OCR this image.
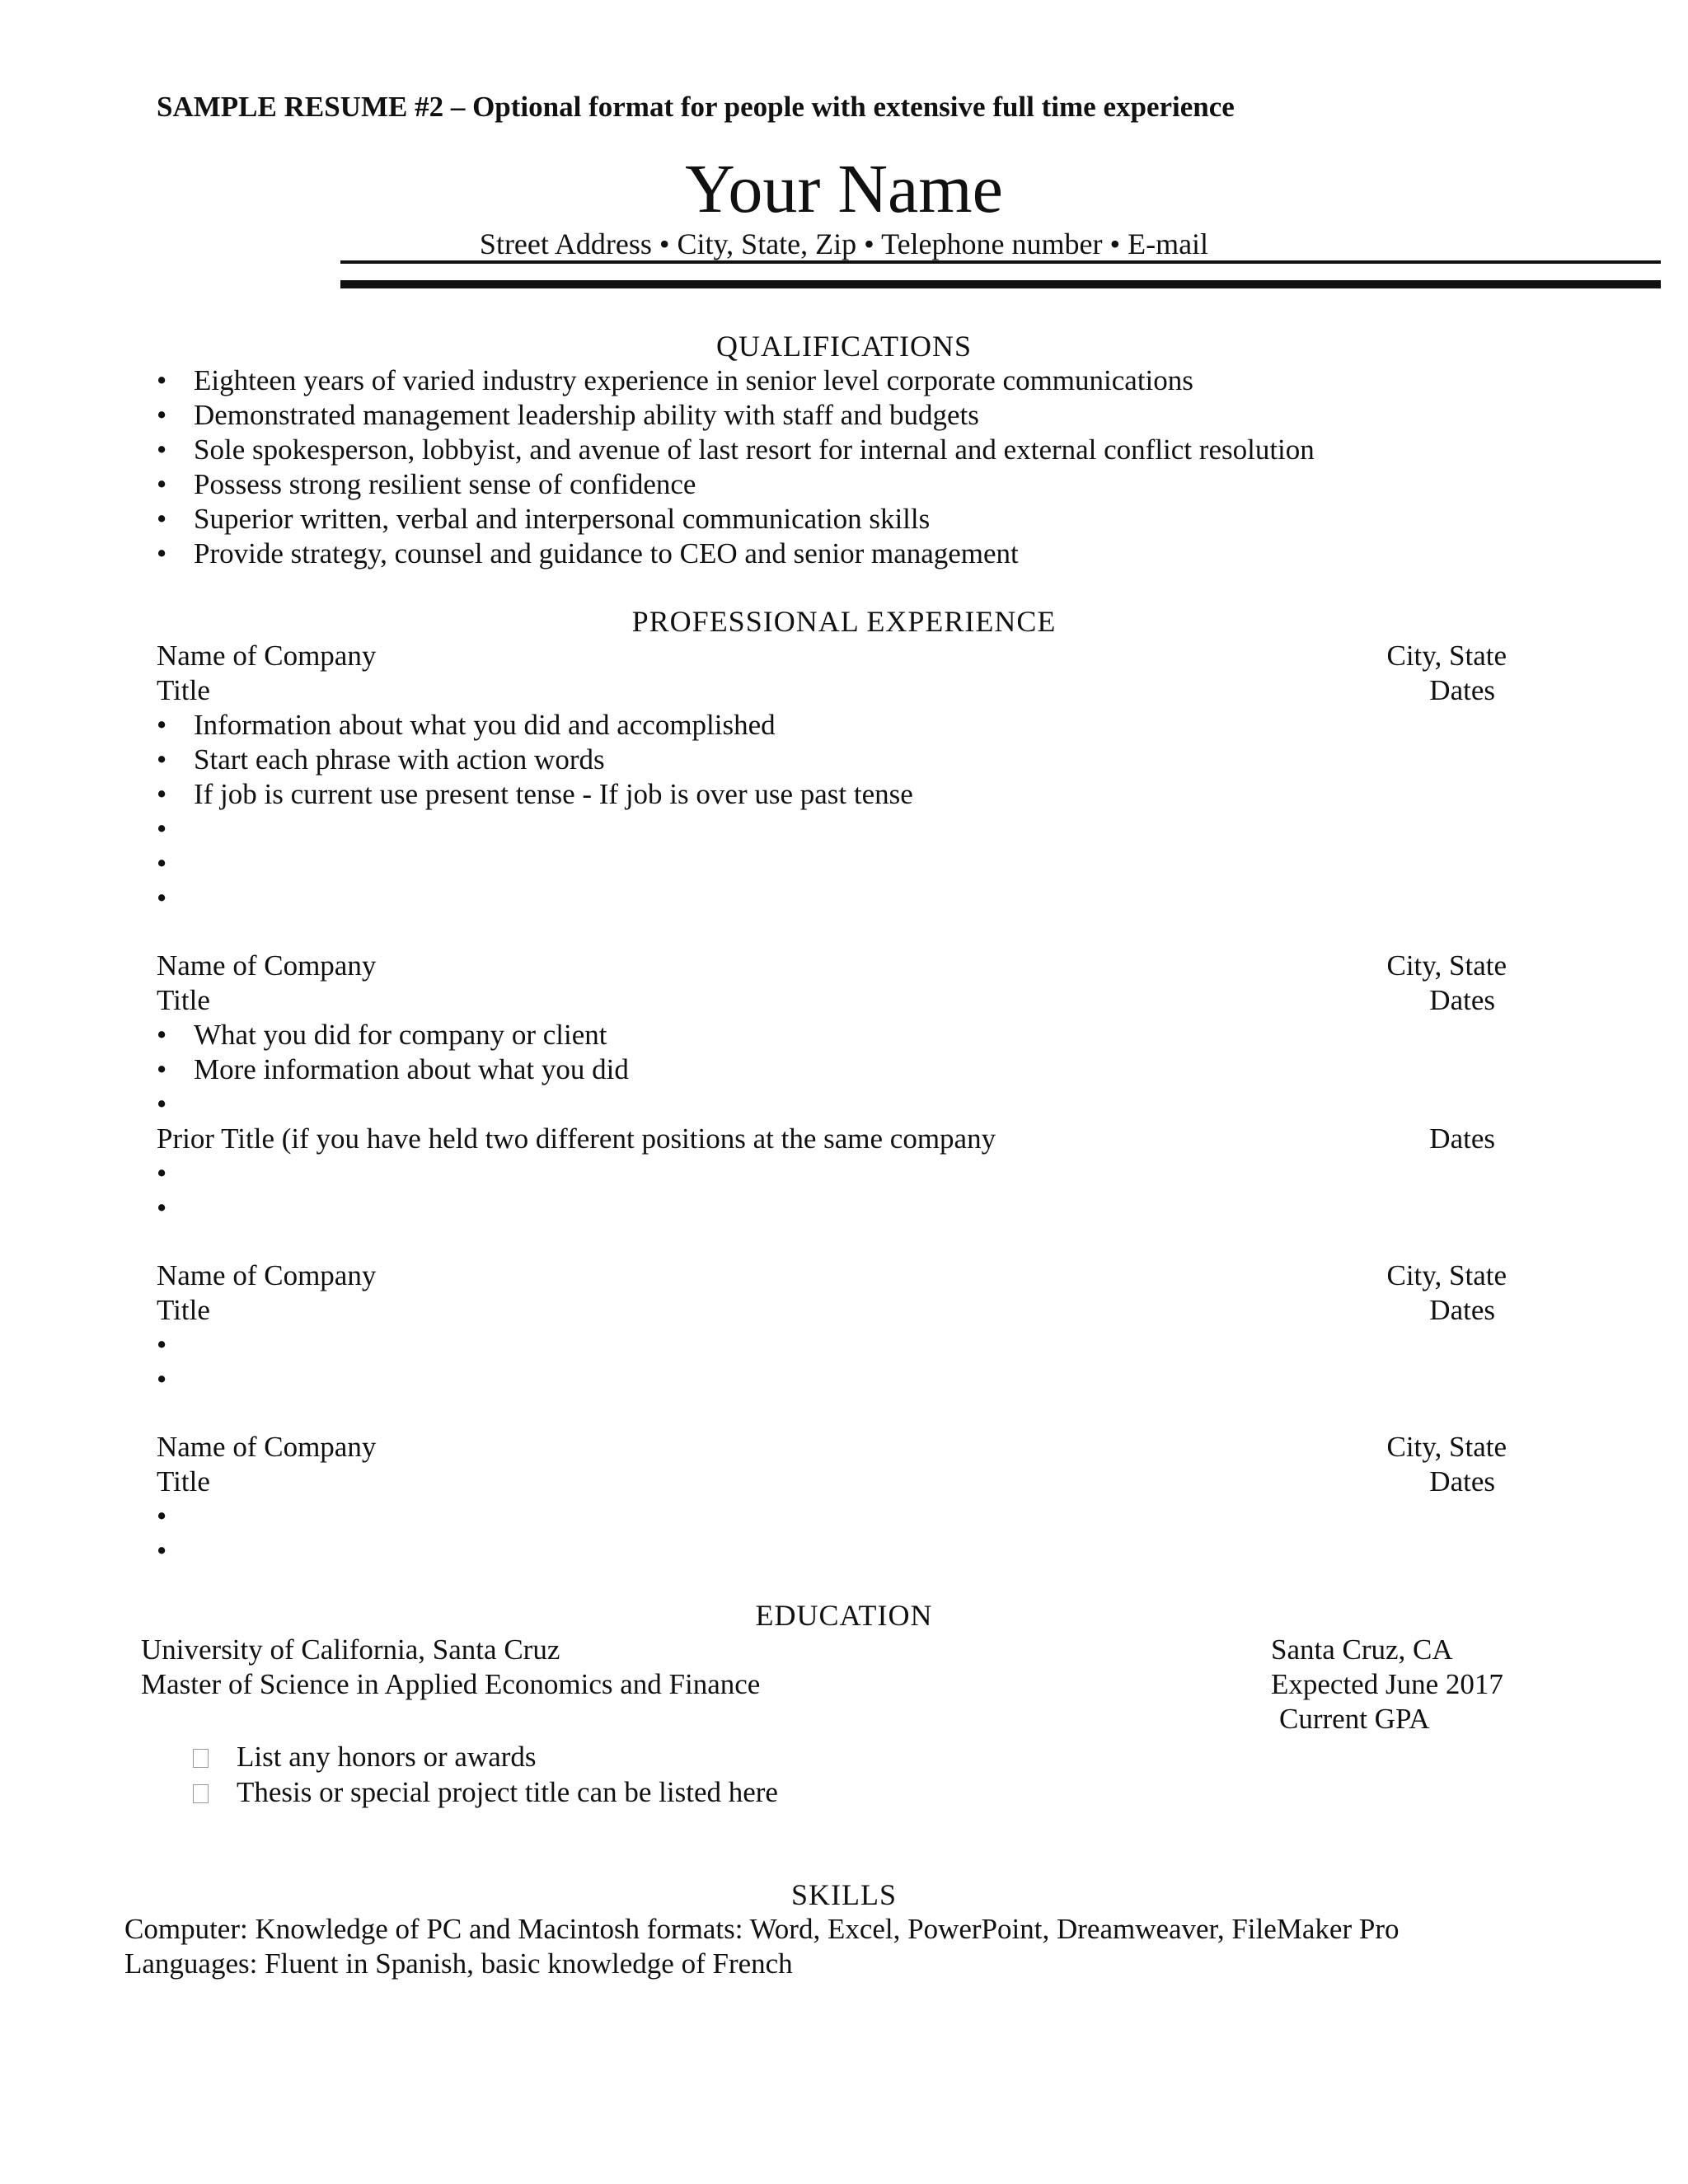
SAMPLE RESUME #2 – Optional format for people with extensive full time experience
Your Name
Street Address • City, State, Zip • Telephone number • E-mail
QUALIFICATIONS
• Eighteen years of varied industry experience in senior level corporate communications
• Demonstrated management leadership ability with staff and budgets
• Sole spokesperson, lobbyist, and avenue of last resort for internal and external conflict resolution
• Possess strong resilient sense of confidence
• Superior written, verbal and interpersonal communication skills
• Provide strategy, counsel and guidance to CEO and senior management
PROFESSIONAL EXPERIENCE
Name of Company	City, State
Title	Dates
• Information about what you did and accomplished
• Start each phrase with action words
• If job is current use present tense - If job is over use past tense
•
•
•
Name of Company	City, State
Title	Dates
• What you did for company or client
• More information about what you did
•
Prior Title (if you have held two different positions at the same company	Dates
•
•
Name of Company	City, State
Title	Dates
•
•
Name of Company	City, State
Title	Dates
•
•
EDUCATION
University of California, Santa Cruz	Santa Cruz, CA
Master of Science in Applied Economics and Finance	Expected June 2017
Current GPA
List any honors or awards
Thesis or special project title can be listed here
SKILLS
Computer: Knowledge of PC and Macintosh formats: Word, Excel, PowerPoint, Dreamweaver, FileMaker Pro
Languages: Fluent in Spanish, basic knowledge of French
